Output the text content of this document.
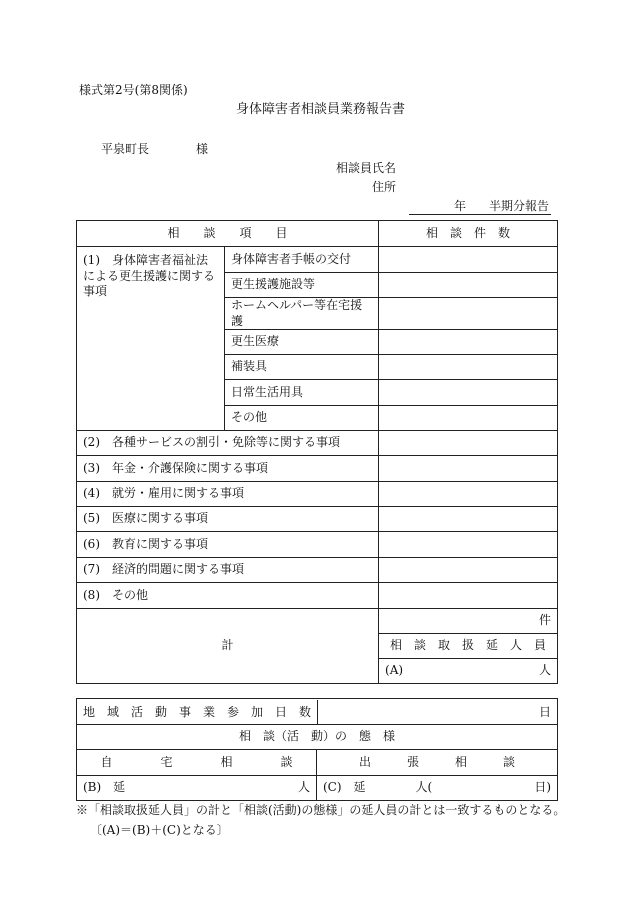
様式第2号(第8関係)
身体障害者相談員業務報告書
平泉町長	様
相談員氏名
住所
年 半期分報告
相　　談　　項　　目		相　談　件　数
(1)　身体障害者福祉法による更生援護に関する事項	身体障害者手帳の交付	
	更生援護施設等	
	ホームヘルパー等在宅援護	
	更生医療	
	補装具	
	日常生活用具	
	その他	
(2)　各種サービスの割引・免除等に関する事項		
(3)　年金・介護保険に関する事項		
(4)　就労・雇用に関する事項		
(5)　医療に関する事項		
(6)　教育に関する事項		
(7)　経済的問題に関する事項		
(8)　その他		
計		件
		相　談　取　扱　延　人　員

		(A) 人
地　域　活　動　事　業　参　加　日　数 日	

相　談（活　動）の　態　様	
自　　　　宅　　　　相　　　　談	出　　　張　　　相　　　談

(B)　延 人	(C)　延 人( 日)
※「相談取扱延人員」の計と「相談(活動)の態様」の延人員の計とは一致するものとなる。
〔(A)＝(B)＋(C)となる〕
